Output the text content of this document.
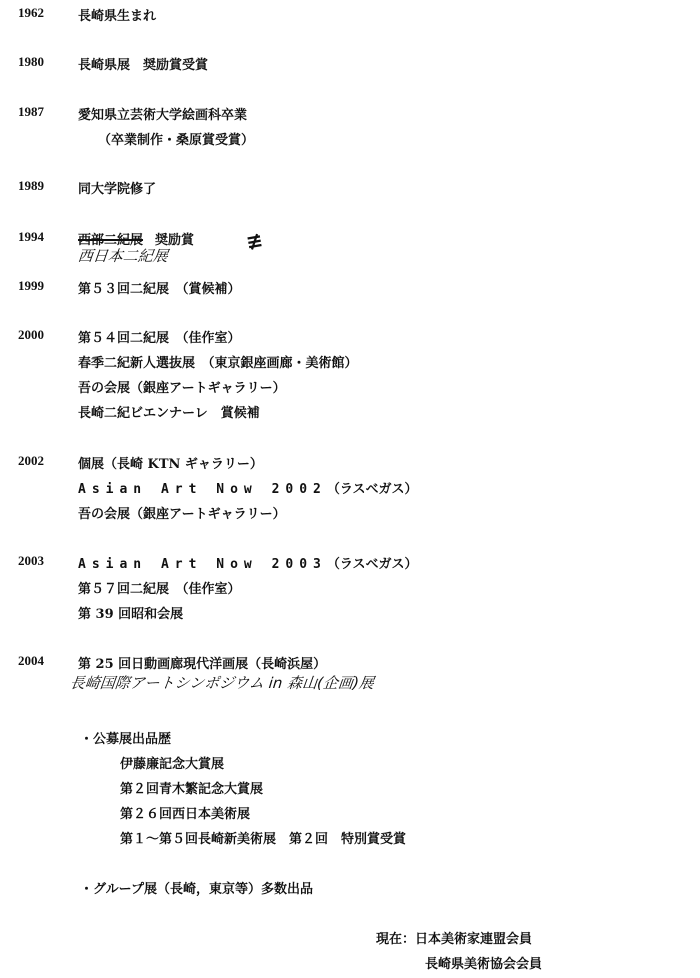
1962	長崎県生まれ
1980	長崎県展　奨励賞受賞
1987	愛知県立芸術大学絵画科卒業
（卒業制作・桑原賞受賞）
1989	同大学院修了
1994	西部二紀展 奨励賞	≢
西日本二紀展
1999	第５３回二紀展　（賞候補）
2000	第５４回二紀展　（佳作室）
春季二紀新人選抜展　（東京銀座画廊・美術館）
吾の会展（銀座アートギャラリー）
長崎二紀ビエンナーレ　賞候補
2002	個展（長崎 KTN ギャラリー）
Asian Art Now 2002（ラスベガス）
吾の会展（銀座アートギャラリー）
2003	Asian Art Now 2003（ラスベガス）
第５７回二紀展　（佳作室）
第 39 回昭和会展
2004	第 25 回日動画廊現代洋画展（長崎浜屋）
長崎国際アートシンポジウム in 森山(企画)展
・公募展出品歴
伊藤廉記念大賞展
第２回青木繁記念大賞展
第２６回西日本美術展
第１～第５回長崎新美術展　第２回　特別賞受賞
・グループ展（長崎，東京等）多数出品
現在：日本美術家連盟会員
長崎県美術協会会員
